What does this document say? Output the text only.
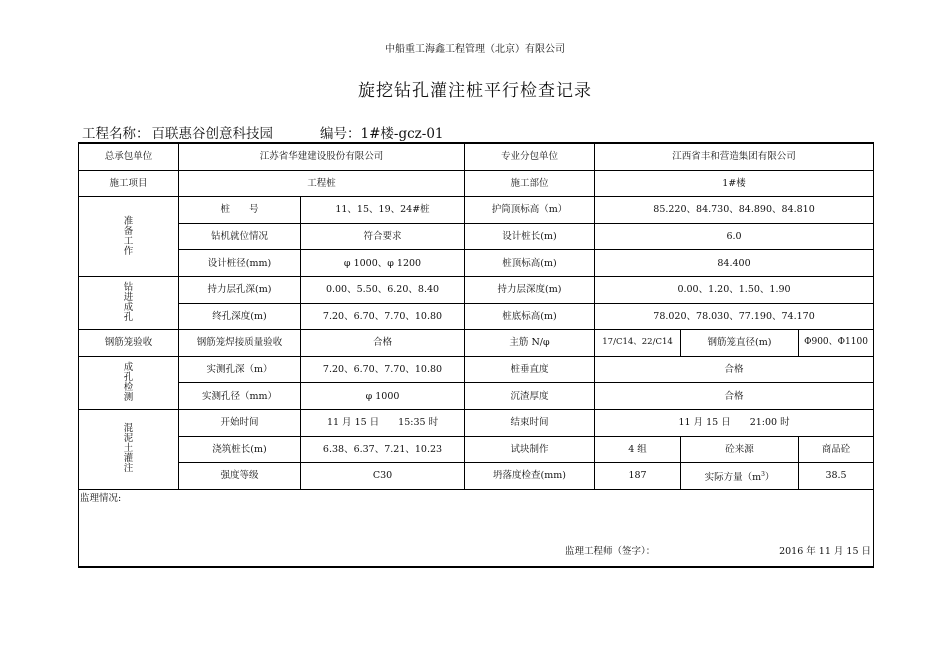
中船重工海鑫工程管理（北京）有限公司
旋挖钻孔灌注桩平行检查记录
工程名称： 百联惠谷创意科技园	编号：1#楼-gcz-01
总承包单位	江苏省华建建设股份有限公司		专业分包单位	江西省丰和营造集团有限公司		
施工项目	工程桩		施工部位	1#楼		

准
备
工
作	桩　　号	11、15、19、24#桩	护筒顶标高（m）	85.220、84.730、84.890、84.810		
	钻机就位情况	符合要求	设计桩长(m)	6.0		
	设计桩径(mm)	φ 1000、φ 1200	桩顶标高(m)	84.400		

钻
进
成
孔	持力层孔深(m)	0.00、5.50、6.20、8.40	持力层深度(m)	0.00、1.20、1.50、1.90		
	终孔深度(m)	7.20、6.70、7.70、10.80	桩底标高(m)	78.020、78.030、77.190、74.170		
钢筋笼验收	钢筋笼焊接质量验收	合格	主筋 N/φ	17/C14、22/C14	钢筋笼直径(m)	Φ900、Φ1100

成
孔
检
测	实测孔深（m）	7.20、6.70、7.70、10.80	桩垂直度	合格		
	实测孔径（mm）	φ 1000	沉渣厚度	合格		

混
泥
土
灌
注	开始时间	11 月 15 日　　15:35 时	结束时间	11 月 15 日　　21:00 时		
	浇筑桩长(m)	6.38、6.37、7.21、10.23	试块制作	4 组	砼来源	商品砼
	强度等级	C30	坍落度检查(mm)	187	实际方量$(m^3)$	38.5

监理情况:
监理工程师（签字）： 2016 年 11 月 15 日						
